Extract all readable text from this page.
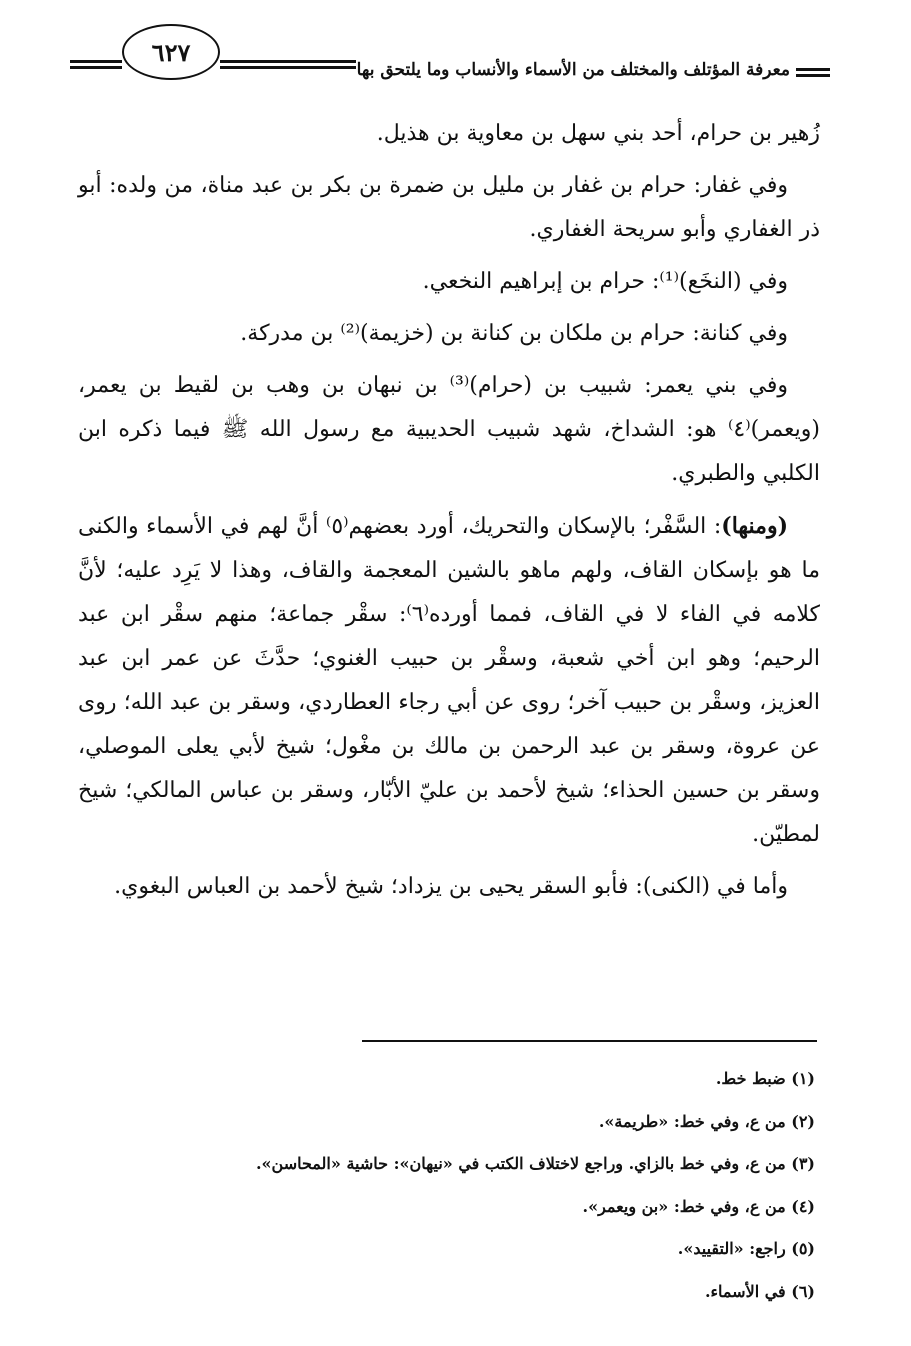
٦٢٧
معرفة المؤتلف والمختلف من الأسماء والأنساب وما يلتحق بها

زُهير بن حرام، أحد بني سهل بن معاوية بن هذيل.

وفي غفار: حرام بن غفار بن مليل بن ضمرة بن بكر بن عبد مناة، من ولده: أبو ذر الغفاري وأبو سريحة الغفاري.

وفي (النخَع)⁽¹⁾: حرام بن إبراهيم النخعي.

وفي كنانة: حرام بن ملكان بن كنانة بن (خزيمة)⁽²⁾ بن مدركة.

وفي بني يعمر: شبيب بن (حرام)⁽³⁾ بن نبهان بن وهب بن لقيط بن يعمر، (ويعمر)⁽٤⁾ هو: الشداخ، شهد شبيب الحديبية مع رسول الله ﷺ فيما ذكره ابن الكلبي والطبري.

(ومنها): السَّفْر؛ بالإسكان والتحريك، أورد بعضهم⁽٥⁾ أنَّ لهم في الأسماء والكنى ما هو بإسكان القاف، ولهم ماهو بالشين المعجمة والقاف، وهذا لا يَرِد عليه؛ لأنَّ كلامه في الفاء لا في القاف، فمما أورده⁽٦⁾: سقْر جماعة؛ منهم سقْر ابن عبد الرحيم؛ وهو ابن أخي شعبة، وسقْر بن حبيب الغنوي؛ حدَّثَ عن عمر ابن عبد العزيز، وسقْر بن حبيب آخر؛ روى عن أبي رجاء العطاردي، وسقر بن عبد الله؛ روى عن عروة، وسقر بن عبد الرحمن بن مالك بن مغْول؛ شيخ لأبي يعلى الموصلي، وسقر بن حسين الحذاء؛ شيخ لأحمد بن عليّ الأبّار، وسقر بن عباس المالكي؛ شيخ لمطيّن.

وأما في (الكنى): فأبو السقر يحيى بن يزداد؛ شيخ لأحمد بن العباس البغوي.

(١) ضبط خط.
(٢) من ع، وفي خط: «طريمة».
(٣) من ع، وفي خط بالزاي. وراجع لاختلاف الكتب في «نيهان»: حاشية «المحاسن».
(٤) من ع، وفي خط: «بن ويعمر».
(٥) راجع: «التقييد».
(٦) في الأسماء.
